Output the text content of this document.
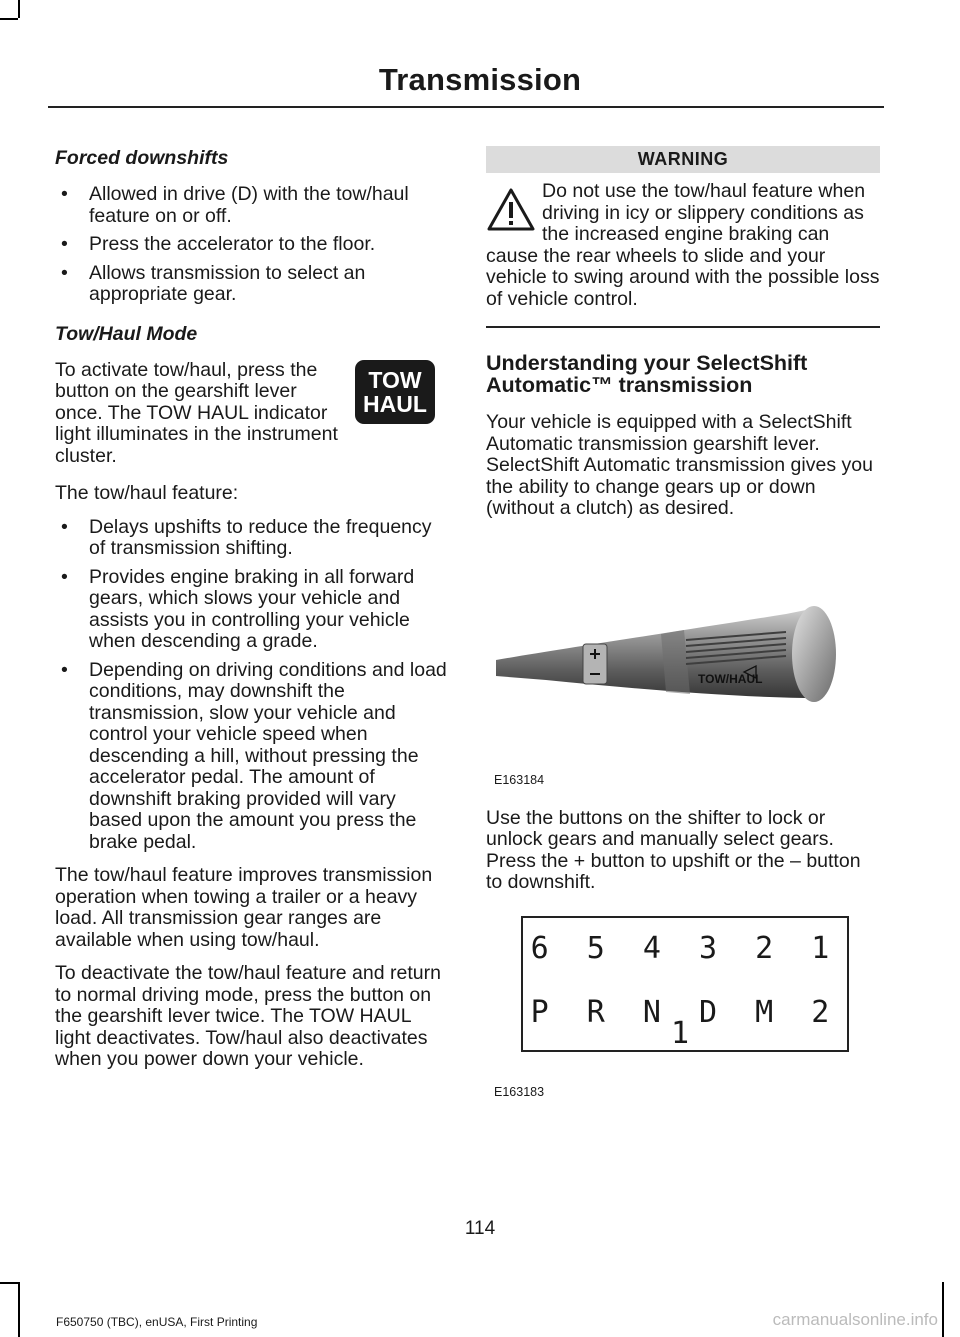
Transmission
Forced downshifts
• Allowed in drive (D) with the tow/haul feature on or off.
• Press the accelerator to the floor.
• Allows transmission to select an appropriate gear.
Tow/Haul Mode
TOW
HAUL

To activate tow/haul, press the button on the gearshift lever once. The TOW HAUL indicator light illuminates in the instrument cluster.

The tow/haul feature:

• Delays upshifts to reduce the frequency of transmission shifting.
• Provides engine braking in all forward gears, which slows your vehicle and assists you in controlling your vehicle when descending a grade.
• Depending on driving conditions and load conditions, may downshift the transmission, slow your vehicle and control your vehicle speed when descending a hill, without pressing the accelerator pedal. The amount of downshift braking provided will vary based upon the amount you press the brake pedal.

The tow/haul feature improves transmission operation when towing a trailer or a heavy load. All transmission gear ranges are available when using tow/haul.

To deactivate the tow/haul feature and return to normal driving mode, press the button on the gearshift lever twice. The TOW HAUL light deactivates. Tow/haul also deactivates when you power down your vehicle.

WARNING

Do not use the tow/haul feature when driving in icy or slippery conditions as the increased engine braking can cause the rear wheels to slide and your vehicle to swing around with the possible loss of vehicle control.

Understanding your SelectShift Automatic™ transmission

Your vehicle is equipped with a SelectShift Automatic transmission gearshift lever. SelectShift Automatic transmission gives you the ability to change gears up or down (without a clutch) as desired.

TOW/HAUL
E163184

Use the buttons on the shifter to lock or unlock gears and manually select gears. Press the + button to upshift or the – button to downshift.

6 5 4 3 2 1
P R N D M 2 1
E163183
114
F650750 (TBC), enUSA, First Printing	carmanualsonline.info
